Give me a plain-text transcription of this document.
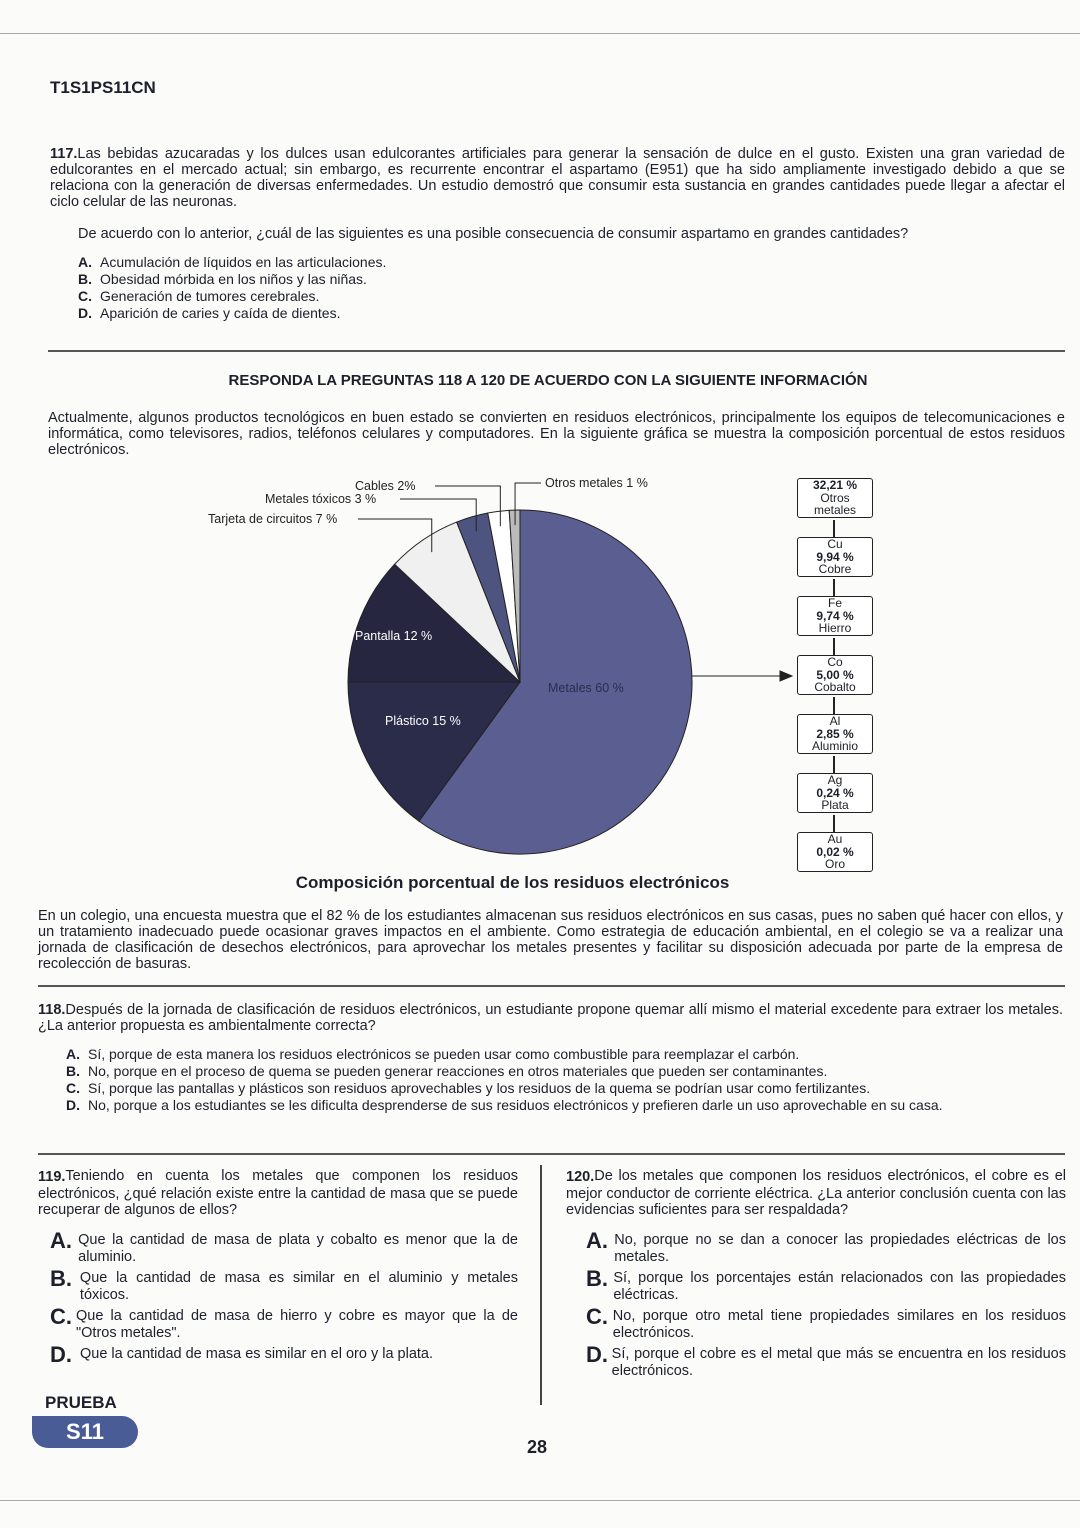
T1S1PS11CN

117.Las bebidas azucaradas y los dulces usan edulcorantes artificiales para generar la sensación de dulce en el gusto. Existen una gran variedad de edulcorantes en el mercado actual; sin embargo, es recurrente encontrar el aspartamo (E951) que ha sido ampliamente investigado debido a que se relaciona con la generación de diversas enfermedades. Un estudio demostró que consumir esta sustancia en grandes cantidades puede llegar a afectar el ciclo celular de las neuronas.

De acuerdo con lo anterior, ¿cuál de las siguientes es una posible consecuencia de consumir aspartamo en grandes cantidades?

A. Acumulación de líquidos en las articulaciones.
B. Obesidad mórbida en los niños y las niñas.
C. Generación de tumores cerebrales.
D. Aparición de caries y caída de dientes.
RESPONDA LA PREGUNTAS 118 A 120 DE ACUERDO CON LA SIGUIENTE INFORMACIÓN
Actualmente, algunos productos tecnológicos en buen estado se convierten en residuos electrónicos, principalmente los equipos de telecomunicaciones e informática, como televisores, radios, teléfonos celulares y computadores. En la siguiente gráfica se muestra la composición porcentual de estos residuos electrónicos.
Metales 60 %
Plástico 15 %
Pantalla 12 %
Tarjeta de circuitos 7 %
Metales tóxicos 3 %
Cables 2%	Otros metales 1 %
Composición porcentual de los residuos electrónicos
32,21 %
Otros metales
Cu
9,94 %
Cobre
Fe
9,74 %
Hierro
Co
5,00 %
Cobalto
Al
2,85 %
Aluminio
Ag
0,24 %
Plata
Au
0,02 %
Oro
En un colegio, una encuesta muestra que el 82 % de los estudiantes almacenan sus residuos electrónicos en sus casas, pues no saben qué hacer con ellos, y un tratamiento inadecuado puede ocasionar graves impactos en el ambiente. Como estrategia de educación ambiental, en el colegio se va a realizar una jornada de clasificación de desechos electrónicos, para aprovechar los metales presentes y facilitar su disposición adecuada por parte de la empresa de recolección de basuras.

118.Después de la jornada de clasificación de residuos electrónicos, un estudiante propone quemar allí mismo el material excedente para extraer los metales. ¿La anterior propuesta es ambientalmente correcta?

A. Sí, porque de esta manera los residuos electrónicos se pueden usar como combustible para reemplazar el carbón.
B. No, porque en el proceso de quema se pueden generar reacciones en otros materiales que pueden ser contaminantes.
C. Sí, porque las pantallas y plásticos son residuos aprovechables y los residuos de la quema se podrían usar como fertilizantes.
D. No, porque a los estudiantes se les dificulta desprenderse de sus residuos electrónicos y prefieren darle un uso aprovechable en su casa.

119.Teniendo en cuenta los metales que componen los residuos electrónicos, ¿qué relación existe entre la cantidad de masa que se puede recuperar de algunos de ellos?

A. Que la cantidad de masa de plata y cobalto es menor que la de aluminio.
B. Que la cantidad de masa es similar en el aluminio y metales tóxicos.
C. Que la cantidad de masa de hierro y cobre es mayor que la de "Otros metales".
D. Que la cantidad de masa es similar en el oro y la plata.

120.De los metales que componen los residuos electrónicos, el cobre es el mejor conductor de corriente eléctrica. ¿La anterior conclusión cuenta con las evidencias suficientes para ser respaldada?

A. No, porque no se dan a conocer las propiedades eléctricas de los metales.
B. Sí, porque los porcentajes están relacionados con las propiedades eléctricas.
C. No, porque otro metal tiene propiedades similares en los residuos electrónicos.
D. Sí, porque el cobre es el metal que más se encuentra en los residuos electrónicos.
PRUEBA
S11
28
